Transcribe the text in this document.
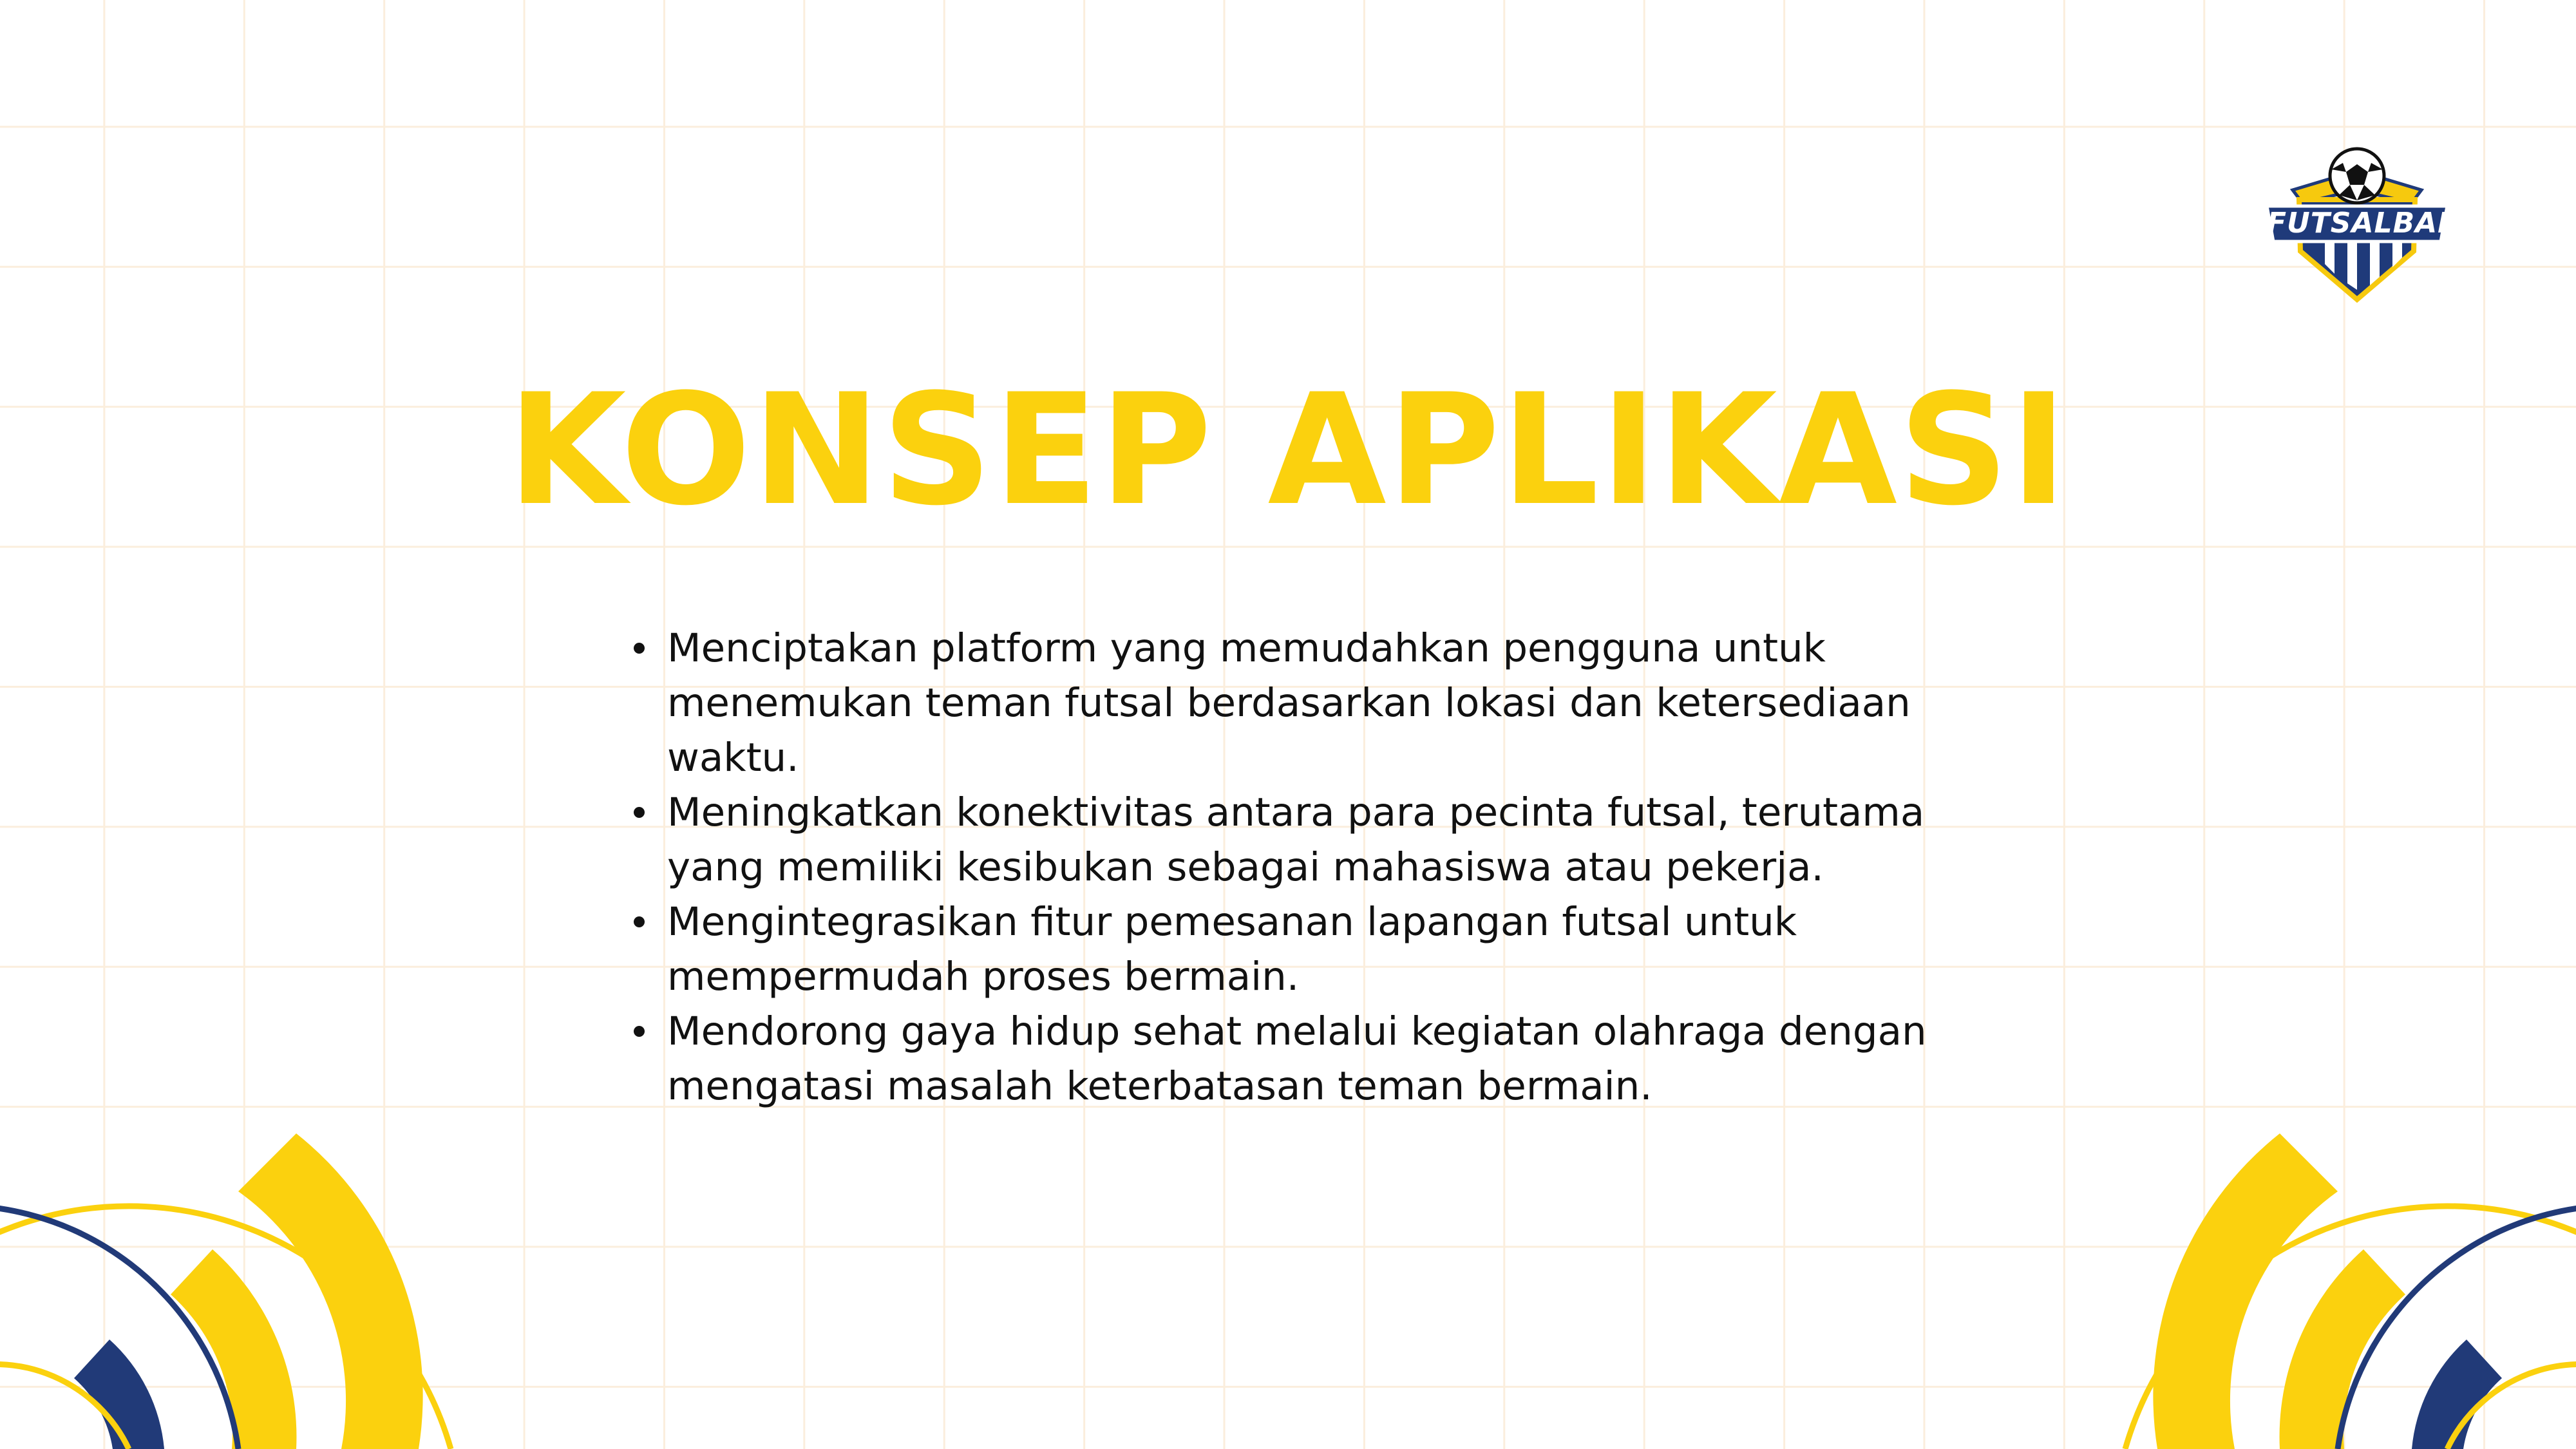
FUTSALBAR
KONSEP APLIKASI
Menciptakan platform yang memudahkan pengguna untuk menemukan teman futsal berdasarkan lokasi dan ketersediaan waktu.
Meningkatkan konektivitas antara para pecinta futsal, terutama yang memiliki kesibukan sebagai mahasiswa atau pekerja.
Mengintegrasikan fitur pemesanan lapangan futsal untuk mempermudah proses bermain.
Mendorong gaya hidup sehat melalui kegiatan olahraga dengan mengatasi masalah keterbatasan teman bermain.
